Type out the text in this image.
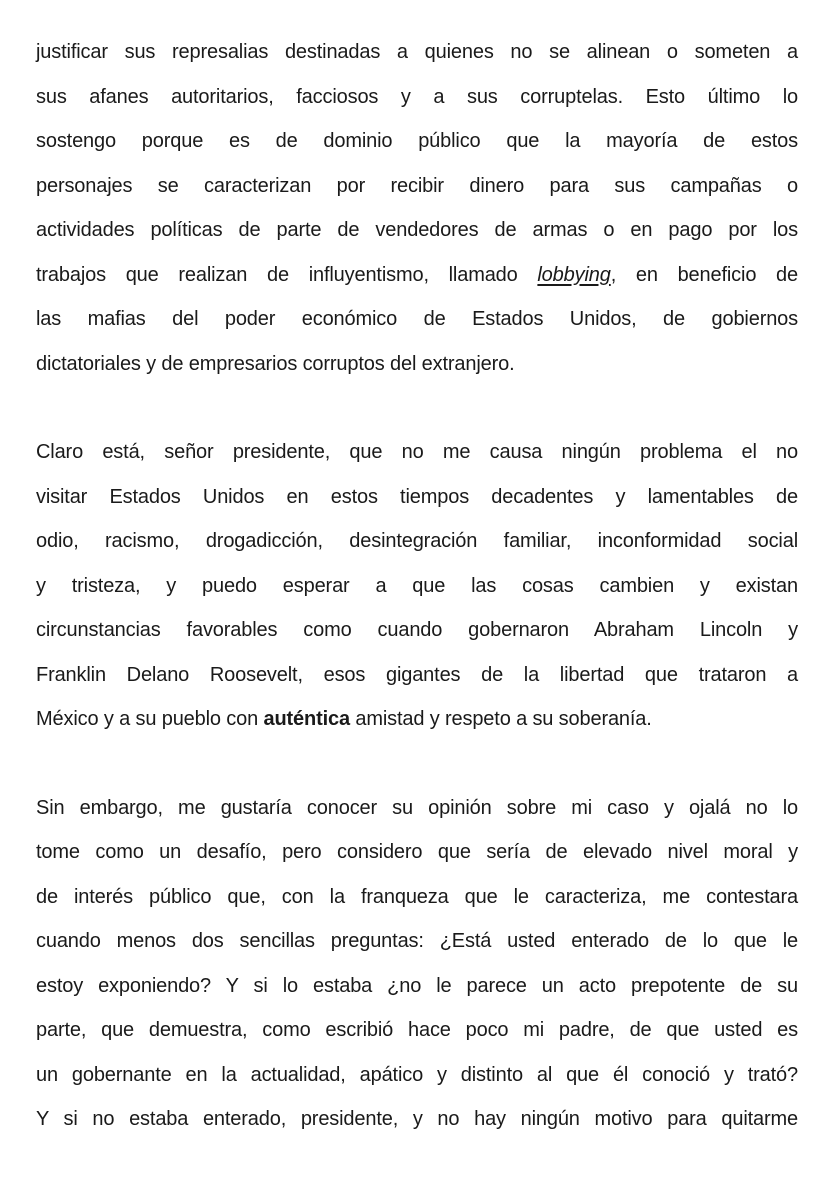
justificar sus represalias destinadas a quienes no se alinean o someten a
sus afanes autoritarios, facciosos y a sus corruptelas. Esto último lo
sostengo porque es de dominio público que la mayoría de estos
personajes se caracterizan por recibir dinero para sus campañas o
actividades políticas de parte de vendedores de armas o en pago por los
trabajos que realizan de influyentismo, llamado lobbying, en beneficio de
las mafias del poder económico de Estados Unidos, de gobiernos
dictatoriales y de empresarios corruptos del extranjero.
Claro está, señor presidente, que no me causa ningún problema el no
visitar Estados Unidos en estos tiempos decadentes y lamentables de
odio, racismo, drogadicción, desintegración familiar, inconformidad social
y tristeza, y puedo esperar a que las cosas cambien y existan
circunstancias favorables como cuando gobernaron Abraham Lincoln y
Franklin Delano Roosevelt, esos gigantes de la libertad que trataron a
México y a su pueblo con auténtica amistad y respeto a su soberanía.
Sin embargo, me gustaría conocer su opinión sobre mi caso y ojalá no lo
tome como un desafío, pero considero que sería de elevado nivel moral y
de interés público que, con la franqueza que le caracteriza, me contestara
cuando menos dos sencillas preguntas: ¿Está usted enterado de lo que le
estoy exponiendo? Y si lo estaba ¿no le parece un acto prepotente de su
parte, que demuestra, como escribió hace poco mi padre, de que usted es
un gobernante en la actualidad, apático y distinto al que él conoció y trató?
Y si no estaba enterado, presidente, y no hay ningún motivo para quitarme
